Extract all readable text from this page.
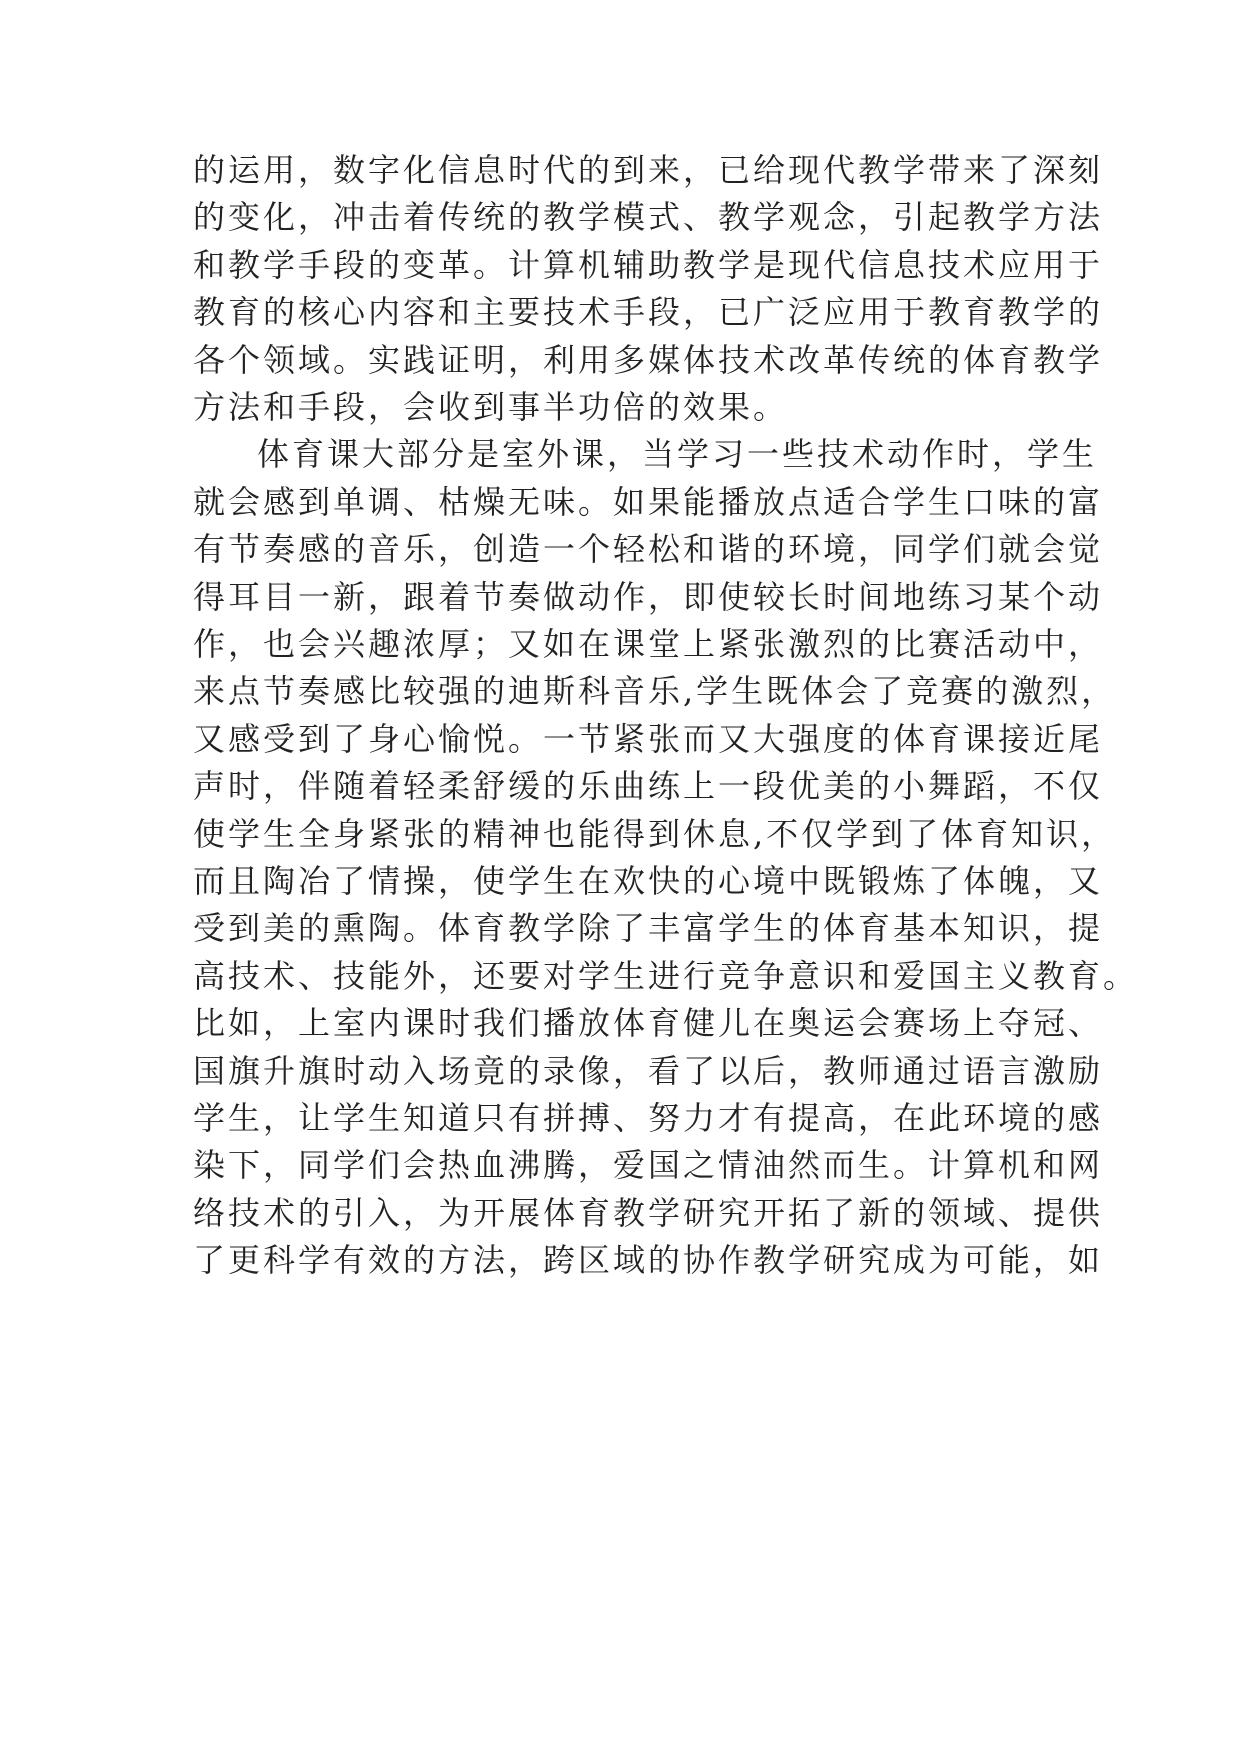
的运用，数字化信息时代的到来，已给现代教学带来了深刻
的变化，冲击着传统的教学模式、教学观念，引起教学方法
和教学手段的变革。计算机辅助教学是现代信息技术应用于
教育的核心内容和主要技术手段，已广泛应用于教育教学的
各个领域。实践证明，利用多媒体技术改革传统的体育教学
方法和手段，会收到事半功倍的效果。
体育课大部分是室外课，当学习一些技术动作时，学生
就会感到单调、枯燥无味。如果能播放点适合学生口味的富
有节奏感的音乐，创造一个轻松和谐的环境，同学们就会觉
得耳目一新，跟着节奏做动作，即使较长时间地练习某个动
作，也会兴趣浓厚；又如在课堂上紧张激烈的比赛活动中，
来点节奏感比较强的迪斯科音乐,学生既体会了竞赛的激烈，
又感受到了身心愉悦。一节紧张而又大强度的体育课接近尾
声时，伴随着轻柔舒缓的乐曲练上一段优美的小舞蹈，不仅
使学生全身紧张的精神也能得到休息,不仅学到了体育知识，
而且陶冶了情操，使学生在欢快的心境中既锻炼了体魄，又
受到美的熏陶。体育教学除了丰富学生的体育基本知识，提
高技术、技能外，还要对学生进行竞争意识和爱国主义教育。
比如，上室内课时我们播放体育健儿在奥运会赛场上夺冠、
国旗升旗时动入场竟的录像，看了以后，教师通过语言激励
学生，让学生知道只有拼搏、努力才有提高，在此环境的感
染下，同学们会热血沸腾，爱国之情油然而生。计算机和网
络技术的引入，为开展体育教学研究开拓了新的领域、提供
了更科学有效的方法，跨区域的协作教学研究成为可能，如
